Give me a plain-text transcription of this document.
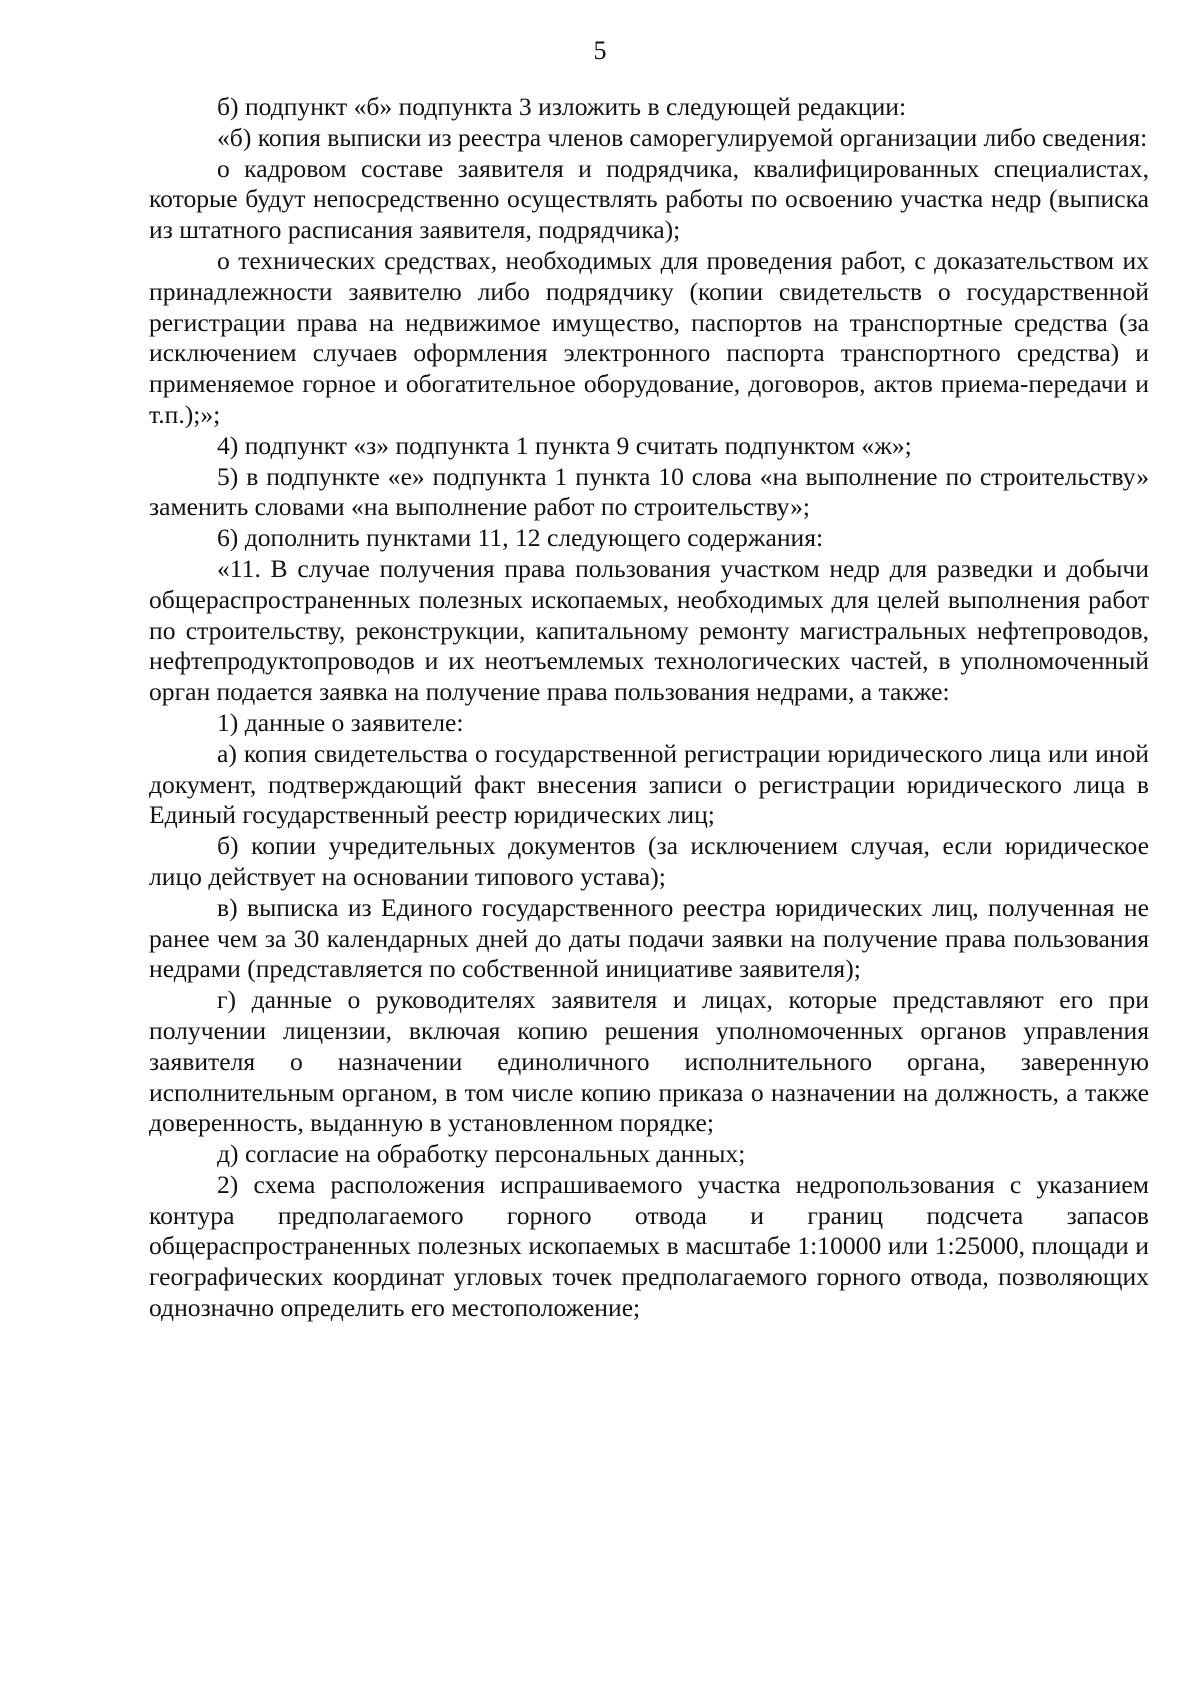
5

б) подпункт «б» подпункта 3 изложить в следующей редакции:

«б) копия выписки из реестра членов саморегулируемой организации либо сведения:

о кадровом составе заявителя и подрядчика, квалифицированных специалистах, которые будут непосредственно осуществлять работы по освоению участка недр (выписка из штатного расписания заявителя, подрядчика);

о технических средствах, необходимых для проведения работ, с доказательством их принадлежности заявителю либо подрядчику (копии свидетельств о государственной регистрации права на недвижимое имущество, паспортов на транспортные средства (за исключением случаев оформления электронного паспорта транспортного средства) и применяемое горное и обогатительное оборудование, договоров, актов приема-передачи и т.п.);»;

4) подпункт «з» подпункта 1 пункта 9 считать подпунктом «ж»;

5) в подпункте «е» подпункта 1 пункта 10 слова «на выполнение по строительству» заменить словами «на выполнение работ по строительству»;

6) дополнить пунктами 11, 12 следующего содержания:

«11. В случае получения права пользования участком недр для разведки и добычи общераспространенных полезных ископаемых, необходимых для целей выполнения работ по строительству, реконструкции, капитальному ремонту магистральных нефтепроводов, нефтепродуктопроводов и их неотъемлемых технологических частей, в уполномоченный орган подается заявка на получение права пользования недрами, а также:

1) данные о заявителе:

а) копия свидетельства о государственной регистрации юридического лица или иной документ, подтверждающий факт внесения записи о регистрации юридического лица в Единый государственный реестр юридических лиц;

б) копии учредительных документов (за исключением случая, если юридическое лицо действует на основании типового устава);

в) выписка из Единого государственного реестра юридических лиц, полученная не ранее чем за 30 календарных дней до даты подачи заявки на получение права пользования недрами (представляется по собственной инициативе заявителя);

г) данные о руководителях заявителя и лицах, которые представляют его при получении лицензии, включая копию решения уполномоченных органов управления заявителя о назначении единоличного исполнительного органа, заверенную исполнительным органом, в том числе копию приказа о назначении на должность, а также доверенность, выданную в установленном порядке;

д) согласие на обработку персональных данных;

2) схема расположения испрашиваемого участка недропользования с указанием контура предполагаемого горного отвода и границ подсчета запасов общераспространенных полезных ископаемых в масштабе 1:10000 или 1:25000, площади и географических координат угловых точек предполагаемого горного отвода, позволяющих однозначно определить его местоположение;
